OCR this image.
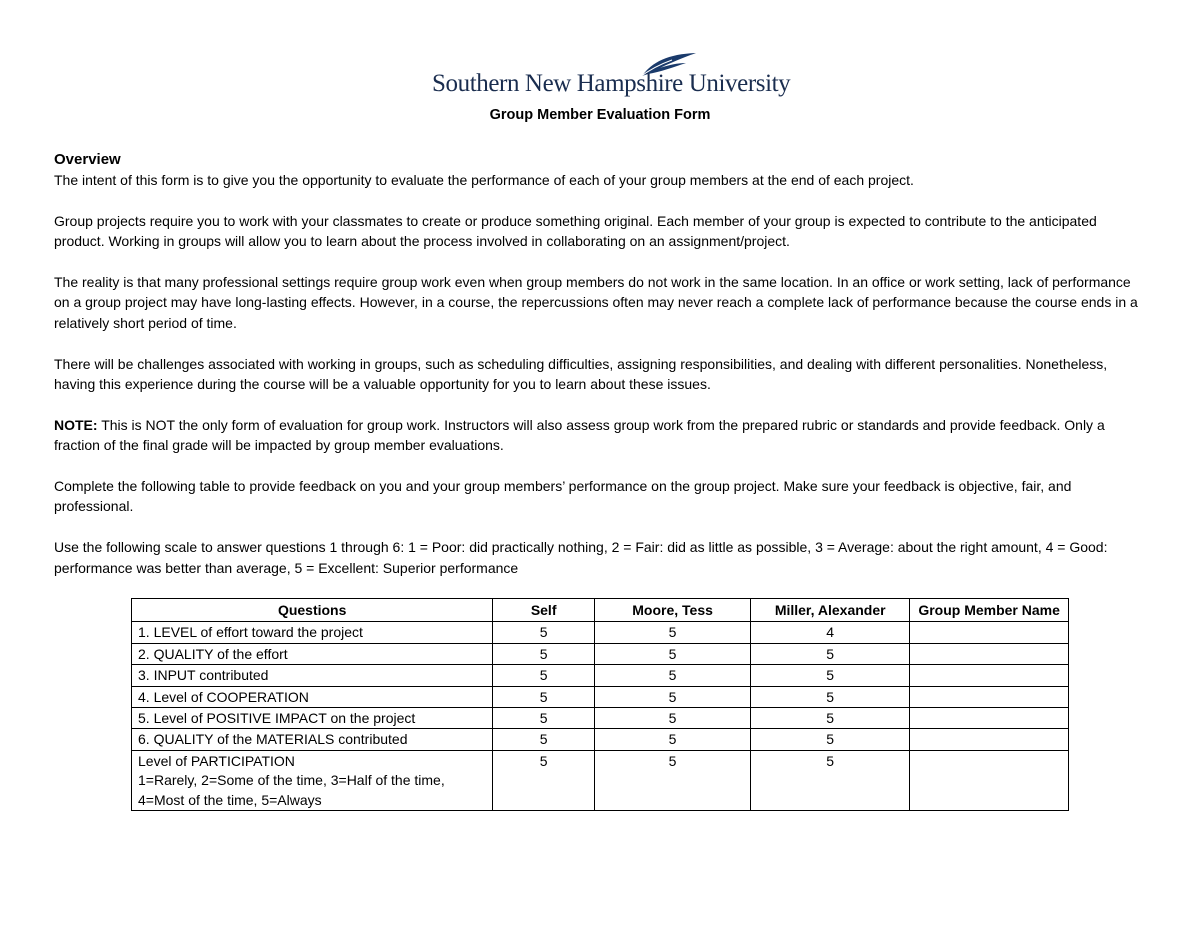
Southern New Hampshire University
Group Member Evaluation Form
Overview

The intent of this form is to give you the opportunity to evaluate the performance of each of your group members at the end of each project.

Group projects require you to work with your classmates to create or produce something original. Each member of your group is expected to contribute to the anticipated product. Working in groups will allow you to learn about the process involved in collaborating on an assignment/project.

The reality is that many professional settings require group work even when group members do not work in the same location. In an office or work setting, lack of performance on a group project may have long-lasting effects. However, in a course, the repercussions often may never reach a complete lack of performance because the course ends in a relatively short period of time.

There will be challenges associated with working in groups, such as scheduling difficulties, assigning responsibilities, and dealing with different personalities. Nonetheless, having this experience during the course will be a valuable opportunity for you to learn about these issues.

NOTE: This is NOT the only form of evaluation for group work. Instructors will also assess group work from the prepared rubric or standards and provide feedback. Only a fraction of the final grade will be impacted by group member evaluations.

Complete the following table to provide feedback on you and your group members’ performance on the group project. Make sure your feedback is objective, fair, and professional.

Use the following scale to answer questions 1 through 6: 1 = Poor: did practically nothing, 2 = Fair: did as little as possible, 3 = Average: about the right amount, 4 = Good: performance was better than average, 5 = Excellent: Superior performance

Questions	Self	Moore, Tess	Miller, Alexander	Group Member Name
1. LEVEL of effort toward the project	5	5	4	
2. QUALITY of the effort	5	5	5	
3. INPUT contributed	5	5	5	
4. Level of COOPERATION	5	5	5	
5. Level of POSITIVE IMPACT on the project	5	5	5	
6. QUALITY of the MATERIALS contributed	5	5	5	

Level of PARTICIPATION
1=Rarely, 2=Some of the time, 3=Half of the time,
4=Most of the time, 5=Always	5	5	5	
